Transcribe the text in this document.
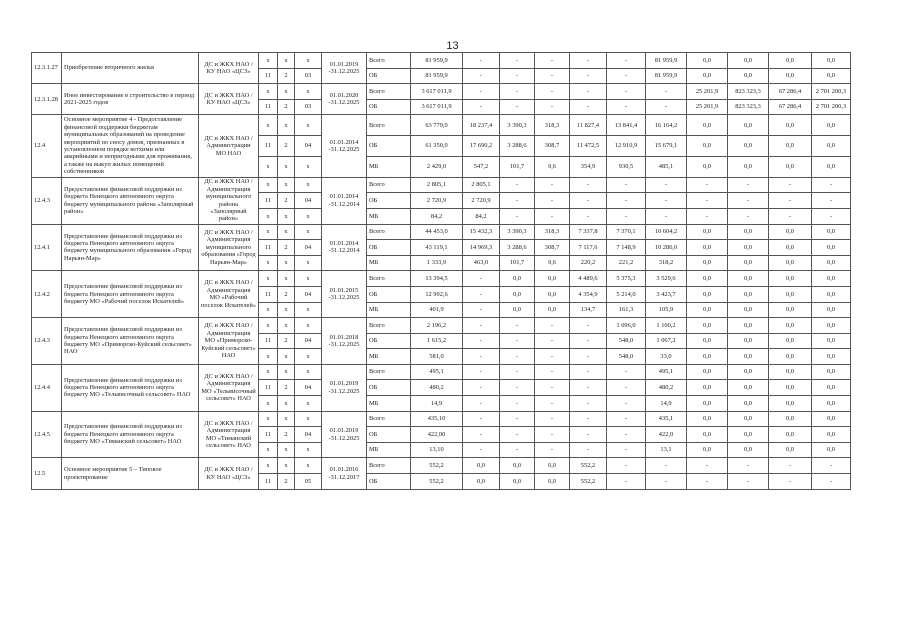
13
12.3.1.27	Приобретение вторичного жилья	ДС и ЖКХ НАО / КУ НАО «ЦСЗ»	x	x	x	01.01.2019 -31.12.2025	Всего	81 959,9	-	-	-	-	-	81 959,9	0,0	0,0	0,0	0,0
			11	2	03		ОБ	81 959,9	-	-	-	-	-	81 959,9	0,0	0,0	0,0	0,0
12.3.1.28	Иное инвестирование в строительство в период 2021-2025 годов	ДС и ЖКХ НАО / КУ НАО «ЦСЗ»	x	x	x	01.01.2020 -31.12.2025	Всего	3 617 011,9	-	-	-	-	-	-	25 201,9	823 323,3	67 286,4	2 701 200,3
			11	2	03		ОБ	3 617 011,9	-	-	-	-	-	-	25 201,9	823 323,3	67 286,4	2 701 200,3
12.4	Основное мероприятие 4 - Предоставление финансовой поддержки бюджетам муниципальных образований на проведение мероприятий по сносу домов, признанных в установленном порядке ветхими или аварийными и непригодными для проживания, а также на выкуп жилых помещений собственников	ДС и ЖКХ НАО / Администрации МО НАО	x	x	x	01.01.2014 -31.12.2025	Всего	63 779,0	18 237,4	3 390,3	318,3	11 827,4	13 841,4	16 164,2	0,0	0,0	0,0	0,0
			11	2	04		ОБ	61 350,0	17 690,2	3 288,6	308,7	11 472,5	12 910,9	15 679,1	0,0	0,0	0,0	0,0
			x	x	x		МБ	2 429,0	547,2	101,7	9,6	354,9	930,5	485,1	0,0	0,0	0,0	0,0
12.4.3	Предоставление финансовой поддержки из бюджета Ненецкого автономного округа бюджету муниципального района «Заполярный район»	ДС и ЖКХ НАО / Администрация муниципального района «Заполярный район»	x	x	x	01.01.2014 -31.12.2014	Всего	2 805,1	2 805,1	-	-	-	-	-	-	-	-	-
			11	2	04		ОБ	2 720,9	2 720,9	-	-	-	-	-	-	-	-	-
			x	x	x		МБ	84,2	84,2	-	-	-	-	-	-	-	-	-
12.4.1	Предоставление финансовой поддержки из бюджета Ненецкого автономного округа бюджету муниципального образования «Город Нарьян-Мар»	ДС и ЖКХ НАО / Администрация муниципального образования «Город Нарьян-Мар»	x	x	x	01.01.2014 -31.12.2014	Всего	44 453,0	15 432,3	3 390,3	318,3	7 337,8	7 370,1	10 604,2	0,0	0,0	0,0	0,0
			11	2	04		ОБ	43 119,1	14 969,3	3 288,6	308,7	7 117,6	7 148,9	10 286,0	0,0	0,0	0,0	0,0
			x	x	x		МБ	1 333,9	463,0	101,7	9,6	220,2	221,2	318,2	0,0	0,0	0,0	0,0
12.4.2	Предоставление финансовой поддержки из бюджета Ненецкого автономного округа бюджету МО «Рабочий поселок Искателей»	ДС и ЖКХ НАО / Администрация МО «Рабочий поселок Искателей»	x	x	x	01.01.2015 -31.12.2025	Всего	13 394,5	-	0,0	0,0	4 489,6	5 375,3	3 529,6	0,0	0,0	0,0	0,0
			11	2	04		ОБ	12 992,6	-	0,0	0,0	4 354,9	5 214,0	3 423,7	0,0	0,0	0,0	0,0
			x	x	x		МБ	401,9	-	0,0	0,0	134,7	161,3	105,9	0,0	0,0	0,0	0,0
12.4.3	Предоставление финансовой поддержки из бюджета Ненецкого автономного округа бюджету МО «Приморско-Куйский сельсовет» НАО	ДС и ЖКХ НАО /Администрация МО «Приморско-Куйский сельсовет» НАО	x	x	x	01.01.2018 -31.12.2025	Всего	2 196,2	-	-	-	-	1 096,0	1 100,2	0,0	0,0	0,0	0,0
			11	2	04		ОБ	1 615,2	-	-	-	-	548,0	1 067,2	0,0	0,0	0,0	0,0
			x	x	x		МБ	581,0	-	-	-	-	548,0	33,0	0,0	0,0	0,0	0,0
12.4.4	Предоставление финансовой поддержки из бюджета Ненецкого автономного округа бюджету МО «Тельвисочный сельсовет» НАО	ДС и ЖКХ НАО /Администрация МО «Тельвисочный сельсовет» НАО	x	x	x	01.01.2019 -31.12.2025	Всего	495,1	-	-	-	-	-	495,1	0,0	0,0	0,0	0,0
			11	2	04		ОБ	480,2	-	-	-	-	-	480,2	0,0	0,0	0,0	0,0
			x	x	x		МБ	14,9	-	-	-	-	-	14,9	0,0	0,0	0,0	0,0
12.4.5	Предоставление финансовой поддержки из бюджета Ненецкого автономного округа бюджету МО «Тиманский сельсовет» НАО	ДС и ЖКХ НАО /Администрация МО «Тиманский сельсовет» НАО	x	x	x	01.01.2019 -31.12.2025	Всего	435,10	-	-	-	-	-	435,1	0,0	0,0	0,0	0,0
			11	2	04		ОБ	422,00	-	-	-	-	-	422,0	0,0	0,0	0,0	0,0
			x	x	x		МБ	13,10	-	-	-	-	-	13,1	0,0	0,0	0,0	0,0
12.5	Основное мероприятие 5 – Типовое проектирование	ДС и ЖКХ НАО / КУ НАО «ЦСЗ»	x	x	x	01.01.2016 -31.12.2017	Всего	552,2	0,0	0,0	0,0	552,2	-	-	-	-	-	-
			11	2	05		ОБ	552,2	0,0	0,0	0,0	552,2	-	-	-	-	-	-
